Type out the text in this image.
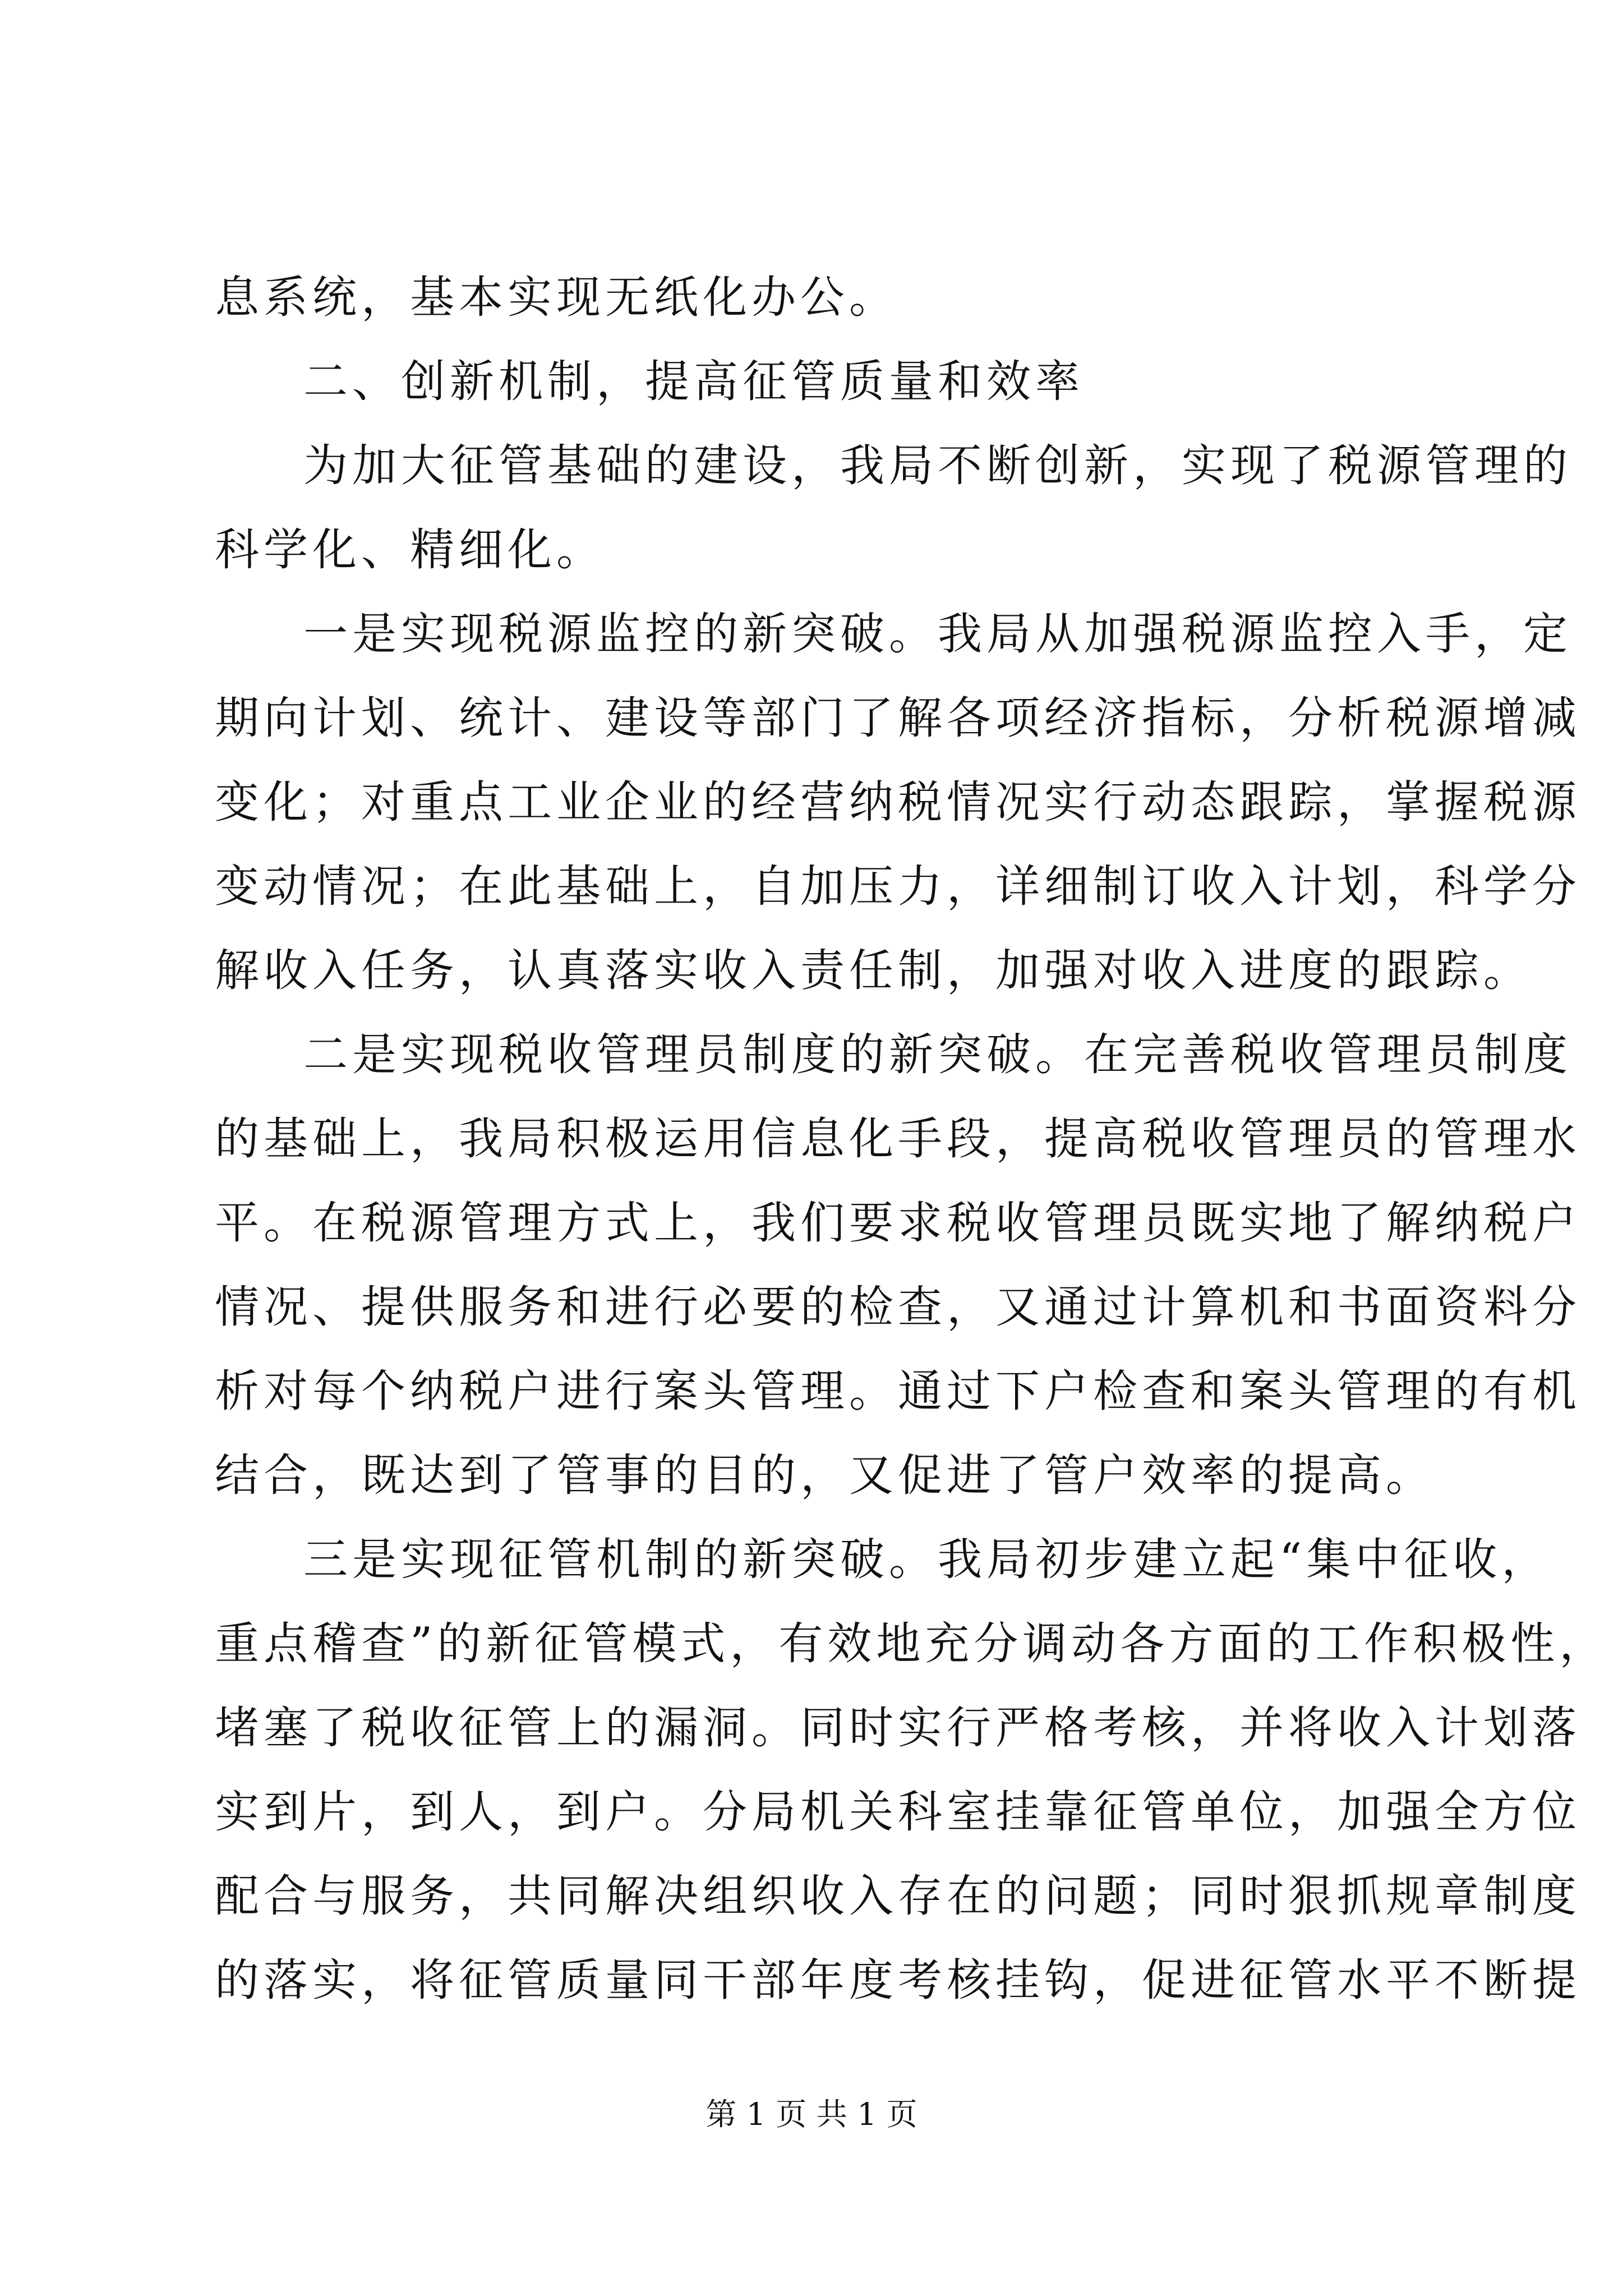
息系统，基本实现无纸化办公。
二、创新机制，提高征管质量和效率
为 加 大 征 管 基 础 的 建 设 ， 我 局 不 断 创 新 ， 实 现 了 税 源 管 理 的
科学化、精细化。
一 是 实 现 税 源 监 控 的 新 突 破 。 我 局 从 加 强 税 源 监 控 入 手 ， 定
期 向 计 划 、 统 计 、 建 设 等 部 门 了 解 各 项 经 济 指 标 ， 分 析 税 源 增 减
变 化 ； 对 重 点 工 业 企 业 的 经 营 纳 税 情 况 实 行 动 态 跟 踪 ， 掌 握 税 源
变 动 情 况 ； 在 此 基 础 上 ， 自 加 压 力 ， 详 细 制 订 收 入 计 划 ， 科 学 分
解收入任务，认真落实收入责任制，加强对收入进度的跟踪。
二 是 实 现 税 收 管 理 员 制 度 的 新 突 破 。 在 完 善 税 收 管 理 员 制 度
的 基 础 上 ， 我 局 积 极 运 用 信 息 化 手 段 ， 提 高 税 收 管 理 员 的 管 理 水
平 。 在 税 源 管 理 方 式 上 ， 我 们 要 求 税 收 管 理 员 既 实 地 了 解 纳 税 户
情 况 、 提 供 服 务 和 进 行 必 要 的 检 查 ， 又 通 过 计 算 机 和 书 面 资 料 分
析 对 每 个 纳 税 户 进 行 案 头 管 理 。 通 过 下 户 检 查 和 案 头 管 理 的 有 机
结合，既达到了管事的目的，又促进了管户效率的提高。
三 是 实 现 征 管 机 制 的 新 突 破 。 我 局 初 步 建 立 起 “ 集 中 征 收 ，
重 点 稽 查 ” 的 新 征 管 模 式 ， 有 效 地 充 分 调 动 各 方 面 的 工 作 积 极 性 ，
堵 塞 了 税 收 征 管 上 的 漏 洞 。 同 时 实 行 严 格 考 核 ， 并 将 收 入 计 划 落
实 到 片 ， 到 人 ， 到 户 。 分 局 机 关 科 室 挂 靠 征 管 单 位 ， 加 强 全 方 位
配 合 与 服 务 ， 共 同 解 决 组 织 收 入 存 在 的 问 题 ； 同 时 狠 抓 规 章 制 度
的 落 实 ， 将 征 管 质 量 同 干 部 年 度 考 核 挂 钩 ， 促 进 征 管 水 平 不 断 提
第 1 页 共 1 页
